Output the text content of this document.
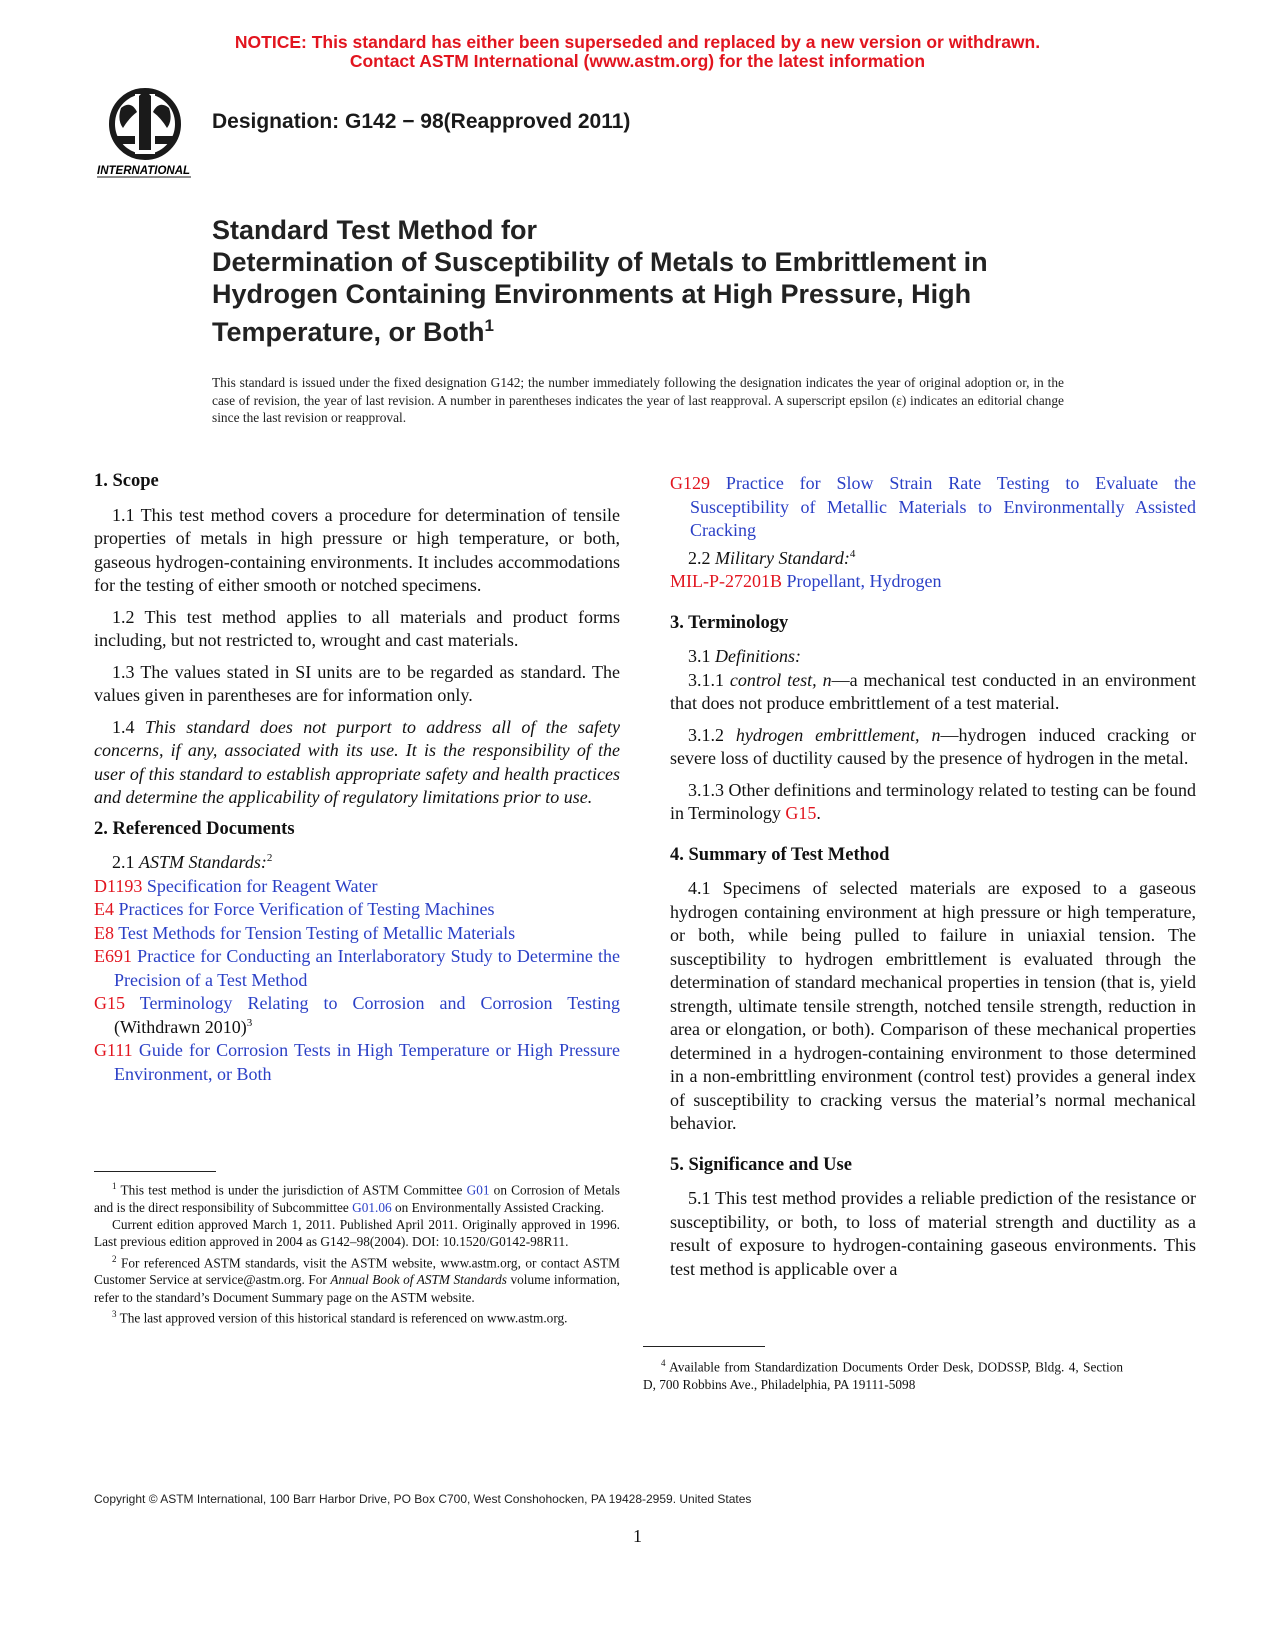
NOTICE: This standard has either been superseded and replaced by a new version or withdrawn.
Contact ASTM International (www.astm.org) for the latest information
INTERNATIONAL
Designation: G142 − 98(Reapproved 2011)
Standard Test Method for
Determination of Susceptibility of Metals to Embrittlement in
Hydrogen Containing Environments at High Pressure, High
Temperature, or Both$^1$
This standard is issued under the fixed designation G142; the number immediately following the designation indicates the year of original adoption or, in the case of revision, the year of last revision. A number in parentheses indicates the year of last reapproval. A superscript epsilon (ε) indicates an editorial change since the last revision or reapproval.
1. Scope

1.1 This test method covers a procedure for determination of tensile properties of metals in high pressure or high temperature, or both, gaseous hydrogen-containing environments. It includes accommodations for the testing of either smooth or notched specimens.

1.2 This test method applies to all materials and product forms including, but not restricted to, wrought and cast materials.

1.3 The values stated in SI units are to be regarded as standard. The values given in parentheses are for information only.

1.4 This standard does not purport to address all of the safety concerns, if any, associated with its use. It is the responsibility of the user of this standard to establish appropriate safety and health practices and determine the applicability of regulatory limitations prior to use.

2. Referenced Documents

2.1 ASTM Standards:$^2$

D1193 Specification for Reagent Water
E4 Practices for Force Verification of Testing Machines
E8 Test Methods for Tension Testing of Metallic Materials
E691 Practice for Conducting an Interlaboratory Study to Determine the Precision of a Test Method
G15 Terminology Relating to Corrosion and Corrosion Testing (Withdrawn 2010)$^3$
G111 Guide for Corrosion Tests in High Temperature or High Pressure Environment, or Both
G129 Practice for Slow Strain Rate Testing to Evaluate the Susceptibility of Metallic Materials to Environmentally Assisted Cracking

2.2 Military Standard:$^4$

MIL-P-27201B Propellant, Hydrogen
3. Terminology

3.1 Definitions:

3.1.1 control test, n—a mechanical test conducted in an environment that does not produce embrittlement of a test material.

3.1.2 hydrogen embrittlement, n—hydrogen induced cracking or severe loss of ductility caused by the presence of hydrogen in the metal.

3.1.3 Other definitions and terminology related to testing can be found in Terminology G15.

4. Summary of Test Method

4.1 Specimens of selected materials are exposed to a gaseous hydrogen containing environment at high pressure or high temperature, or both, while being pulled to failure in uniaxial tension. The susceptibility to hydrogen embrittlement is evaluated through the determination of standard mechanical properties in tension (that is, yield strength, ultimate tensile strength, notched tensile strength, reduction in area or elongation, or both). Comparison of these mechanical properties determined in a hydrogen-containing environment to those determined in a non-embrittling environment (control test) provides a general index of susceptibility to cracking versus the material’s normal mechanical behavior.

5. Significance and Use

5.1 This test method provides a reliable prediction of the resistance or susceptibility, or both, to loss of material strength and ductility as a result of exposure to hydrogen-containing gaseous environments. This test method is applicable over a

$^1$ This test method is under the jurisdiction of ASTM Committee G01 on Corrosion of Metals and is the direct responsibility of Subcommittee G01.06 on Environmentally Assisted Cracking.

Current edition approved March 1, 2011. Published April 2011. Originally approved in 1996. Last previous edition approved in 2004 as G142–98(2004). DOI: 10.1520/G0142-98R11.

$^2$ For referenced ASTM standards, visit the ASTM website, www.astm.org, or contact ASTM Customer Service at service@astm.org. For Annual Book of ASTM Standards volume information, refer to the standard’s Document Summary page on the ASTM website.

$^3$ The last approved version of this historical standard is referenced on www.astm.org.

$^4$ Available from Standardization Documents Order Desk, DODSSP, Bldg. 4, Section D, 700 Robbins Ave., Philadelphia, PA 19111-5098

Copyright © ASTM International, 100 Barr Harbor Drive, PO Box C700, West Conshohocken, PA 19428-2959. United States
1
